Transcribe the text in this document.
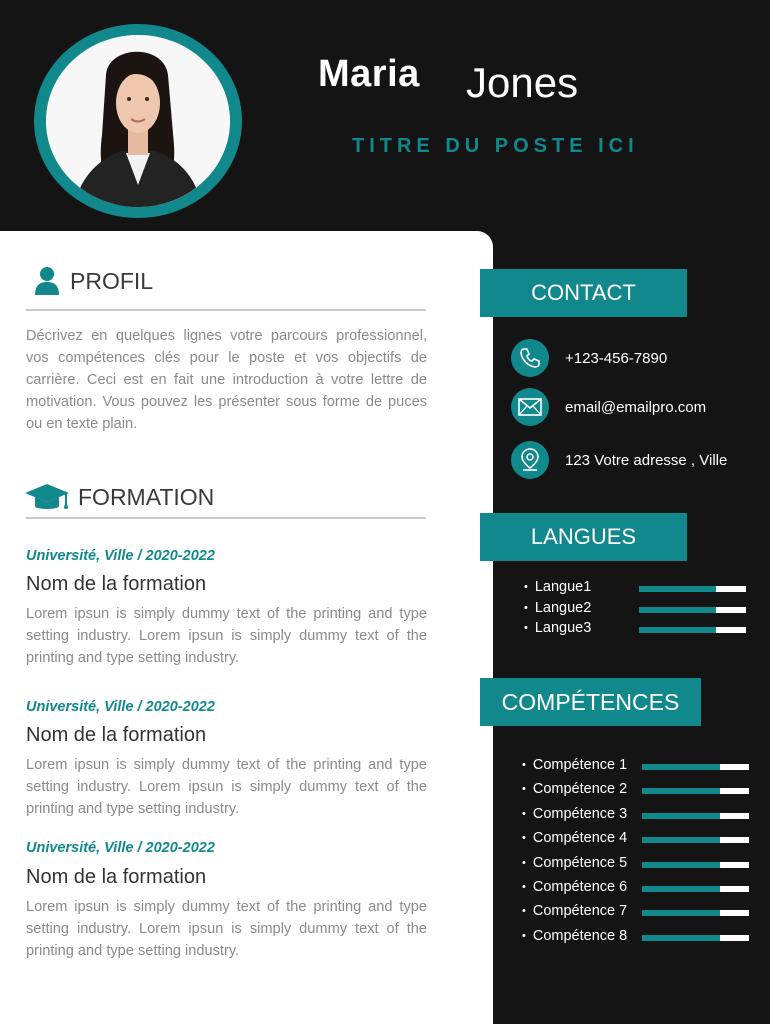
Maria Jones
TITRE DU POSTE ICI
PROFIL
Décrivez en quelques lignes votre parcours professionnel, vos compétences clés pour le poste et vos objectifs de carrière. Ceci est en fait une introduction à votre lettre de motivation. Vous pouvez les présenter sous forme de puces ou en texte plain.
FORMATION
Université, Ville / 2020-2022
Nom de la formation
Lorem ipsun is simply dummy text of the printing and type setting industry. Lorem ipsun is simply dummy text of the printing and type setting industry.
Université, Ville / 2020-2022
Nom de la formation
Lorem ipsun is simply dummy text of the printing and type setting industry. Lorem ipsun is simply dummy text of the printing and type setting industry.
Université, Ville / 2020-2022
Nom de la formation
Lorem ipsun is simply dummy text of the printing and type setting industry. Lorem ipsun is simply dummy text of the printing and type setting industry.
CONTACT
+123-456-7890
email@emailpro.com
123 Votre adresse , Ville
LANGUES
COMPÉTENCES
• Langue1
• Langue2
• Langue3
• Compétence 1
• Compétence 2
• Compétence 3
• Compétence 4
• Compétence 5
• Compétence 6
• Compétence 7
• Compétence 8
